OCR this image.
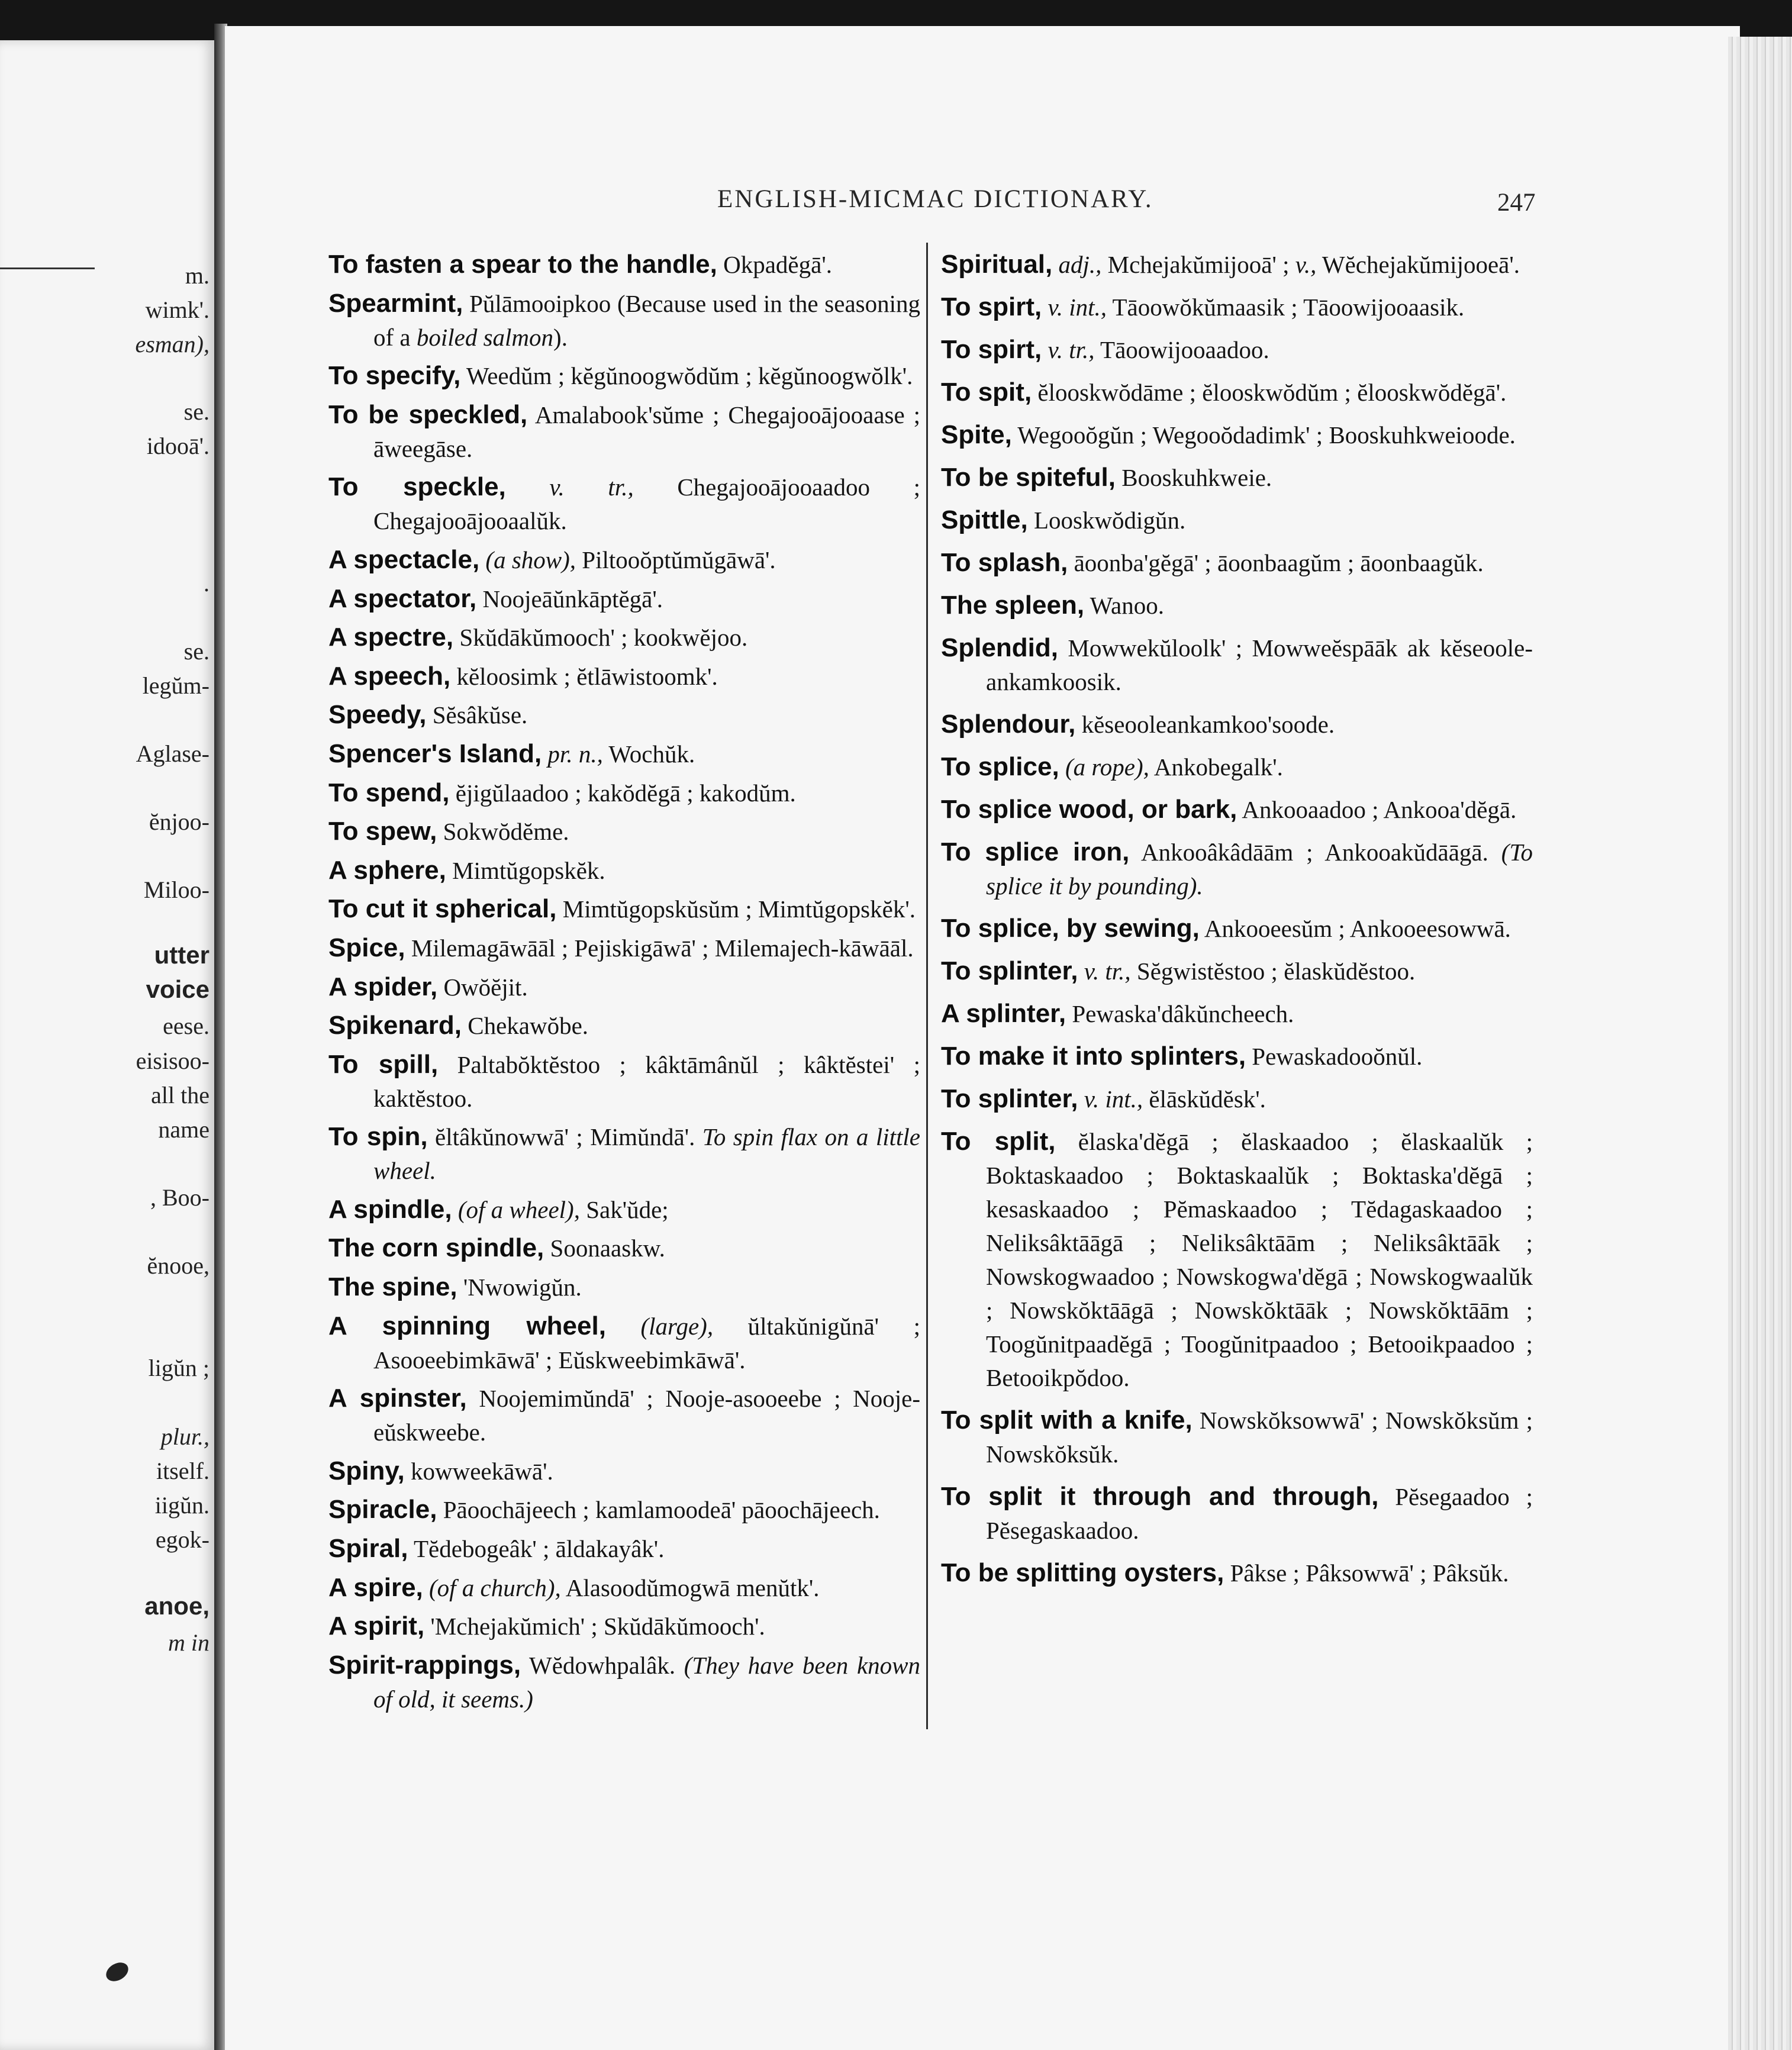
m.
wimk'.
esman),
se.
idooā'.
.
se.
legŭm-
Aglase-
ĕnjoo-
Miloo-
utter
voice
eese.
eisisoo-
all the
name
, Boo-
ĕnooe,
ligŭn ;
plur.,
itself.
iigŭn.
egok-
anoe,
m in
ENGLISH-MICMAC DICTIONARY.	247
To fasten a spear to the handle, Okpadĕgā'.
Spearmint, Pŭlāmooipkoo (Because used in the seasoning of a boiled salmon).
To specify, Weedŭm ; kĕgŭnoogwŏdŭm ; kĕgŭnoogwŏlk'.
To be speckled, Amalabook'sŭme ; Chegajooājooaase ; āweegāse.
To speckle, v. tr., Chegajooājooaadoo ; Chegajooājooaalŭk.
A spectacle, (a show), Piltooŏptŭmŭgāwā'.
A spectator, Noojeāŭnkāptĕgā'.
A spectre, Skŭdākŭmooch' ; kookwĕjoo.
A speech, kĕloosimk ; ĕtlāwistoomk'.
Speedy, Sĕsâkŭse.
Spencer's Island, pr. n., Wochŭk.
To spend, ĕjigŭlaadoo ; kakŏdĕgā ; kakodŭm.
To spew, Sokwŏdĕme.
A sphere, Mimtŭgopskĕk.
To cut it spherical, Mimtŭgopskŭsŭm ; Mimtŭgopskĕk'.
Spice, Milemagāwāāl ; Pejiskigāwā' ; Milemajech-kāwāāl.
A spider, Owŏĕjit.
Spikenard, Chekawŏbe.
To spill, Paltabŏktĕstoo ; kâktāmânŭl ; kâktĕstei' ; kaktĕstoo.
To spin, ĕltâkŭnowwā' ; Mimŭndā'. To spin flax on a little wheel.
A spindle, (of a wheel), Sak'ŭde;
The corn spindle, Soonaaskw.
The spine, 'Nwowigŭn.
A spinning wheel, (large), ŭltakŭnigŭnā' ; Asooeebimkāwā' ; Eŭskweebimkāwā'.
A spinster, Noojemimŭndā' ; Nooje-asooeebe ; Nooje-eŭskweebe.
Spiny, kowweekāwā'.
Spiracle, Pāoochājeech ; kamlamoodeā' pāoochājeech.
Spiral, Tĕdebogeâk' ; āldakayâk'.
A spire, (of a church), Alasoodŭmogwā menŭtk'.
A spirit, 'Mchejakŭmich' ; Skŭdākŭmooch'.
Spirit-rappings, Wĕdowhpalâk. (They have been known of old, it seems.)
Spiritual, adj., Mchejakŭmijooā' ; v., Wĕchejakŭmijooeā'.
To spirt, v. int., Tāoowŏkŭmaasik ; Tāoowijooaasik.
To spirt, v. tr., Tāoowijooaadoo.
To spit, ĕlooskwŏdāme ; ĕlooskwŏdŭm ; ĕlooskwŏdĕgā'.
Spite, Wegooŏgŭn ; Wegooŏdadimk' ; Booskuhkweioode.
To be spiteful, Booskuhkweie.
Spittle, Looskwŏdigŭn.
To splash, āoonba'gĕgā' ; āoonbaagŭm ; āoonbaagŭk.
The spleen, Wanoo.
Splendid, Mowwekŭloolk' ; Mowweĕspāāk ak kĕseoole-ankamkoosik.
Splendour, kĕseooleankamkoo'soode.
To splice, (a rope), Ankobegalk'.
To splice wood, or bark, Ankooaadoo ; Ankooa'dĕgā.
To splice iron, Ankooâkâdāām ; Ankooakŭdāāgā. (To splice it by pounding).
To splice, by sewing, Ankooeesŭm ; Ankooeesowwā.
To splinter, v. tr., Sĕgwistĕstoo ; ĕlaskŭdĕstoo.
A splinter, Pewaska'dâkŭncheech.
To make it into splinters, Pewaskadooŏnŭl.
To splinter, v. int., ĕlāskŭdĕsk'.
To split, ĕlaska'dĕgā ; ĕlaskaadoo ; ĕlaskaalŭk ; Boktaskaadoo ; Boktaskaalŭk ; Boktaska'dĕgā ; kesaskaadoo ; Pĕmaskaadoo ; Tĕdagaskaadoo ; Neliksâktāāgā ; Neliksâktāām ; Neliksâktāāk ; Nowskogwaadoo ; Nowskogwa'dĕgā ; Nowskogwaalŭk ; Nowskŏktāāgā ; Nowskŏktāāk ; Nowskŏktāām ; Toogŭnitpaadĕgā ; Toogŭnitpaadoo ; Betooikpaadoo ; Betooikpŏdoo.
To split with a knife, Nowskŏksowwā' ; Nowskŏksŭm ; Nowskŏksŭk.
To split it through and through, Pĕsegaadoo ; Pĕsegaskaadoo.
To be splitting oysters, Pâkse ; Pâksowwā' ; Pâksŭk.
